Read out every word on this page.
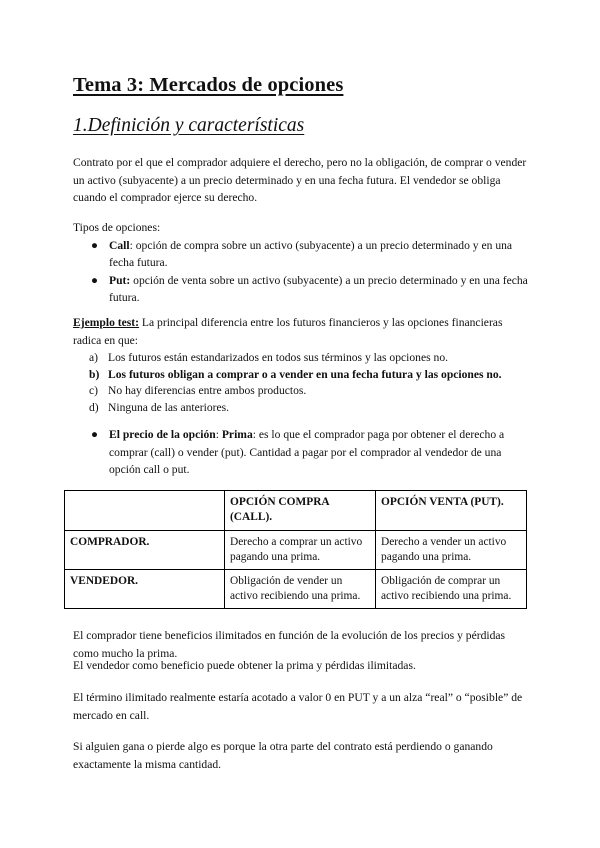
Tema 3: Mercados de opciones
1.Definición y características
Contrato por el que el comprador adquiere el derecho, pero no la obligación, de comprar o vender un activo (subyacente) a un precio determinado y en una fecha futura. El vendedor se obliga cuando el comprador ejerce su derecho.
Tipos de opciones:
● Call: opción de compra sobre un activo (subyacente) a un precio determinado y en una fecha futura.
● Put: opción de venta sobre un activo (subyacente) a un precio determinado y en una fecha futura.
Ejemplo test: La principal diferencia entre los futuros financieros y las opciones financieras radica en que:
a) Los futuros están estandarizados en todos sus términos y las opciones no.
b) Los futuros obligan a comprar o a vender en una fecha futura y las opciones no.
c) No hay diferencias entre ambos productos.
d) Ninguna de las anteriores.
● El precio de la opción: Prima: es lo que el comprador paga por obtener el derecho a comprar (call) o vender (put). Cantidad a pagar por el comprador al vendedor de una opción call o put.
	OPCIÓN COMPRA (CALL).	OPCIÓN VENTA (PUT).
COMPRADOR.	Derecho a comprar un activo pagando una prima.	Derecho a vender un activo pagando una prima.
VENDEDOR.	Obligación de vender un activo recibiendo una prima.	Obligación de comprar un activo recibiendo una prima.
El comprador tiene beneficios ilimitados en función de la evolución de los precios y pérdidas como mucho la prima.
El vendedor como beneficio puede obtener la prima y pérdidas ilimitadas.
El término ilimitado realmente estaría acotado a valor 0 en PUT y a un alza “real” o “posible” de mercado en call.
Si alguien gana o pierde algo es porque la otra parte del contrato está perdiendo o ganando exactamente la misma cantidad.
